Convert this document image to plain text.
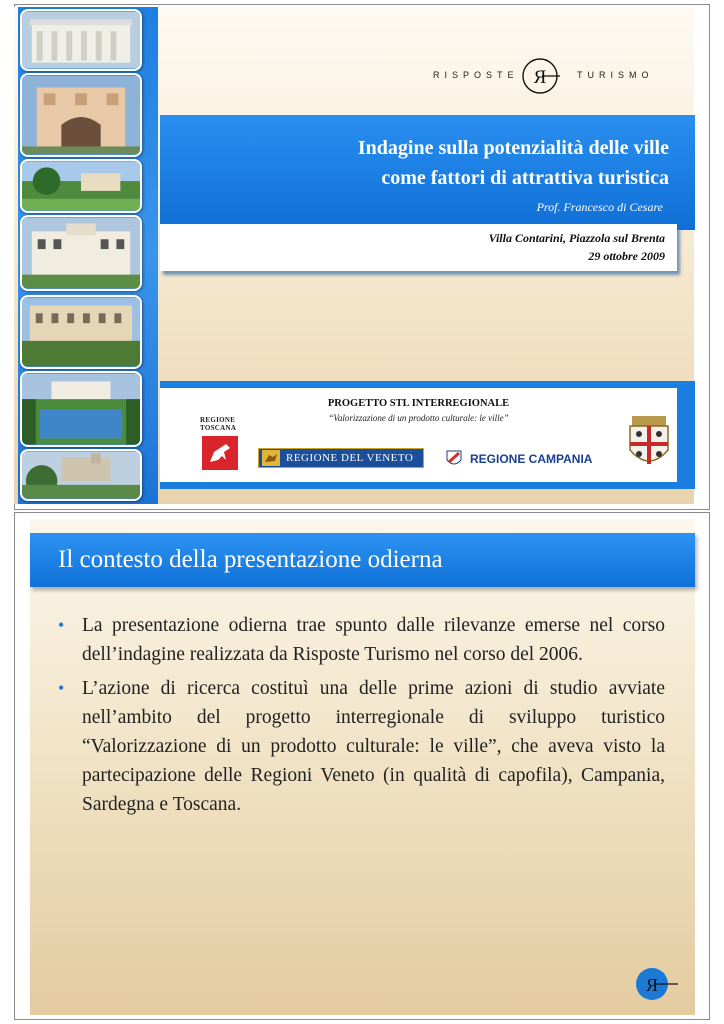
RISPOSTE Я	TURISMO
Indagine sulla potenzialità delle ville
come fattori di attrattiva turistica
Prof. Francesco di Cesare
Villa Contarini, Piazzola sul Brenta
29 ottobre 2009
PROGETTO STL INTERREGIONALE
“Valorizzazione di un prodotto culturale: le ville”
REGIONE
TOSCANA
REGIONE DEL VENETO	REGIONE CAMPANIA
Il contesto della presentazione odierna
• La presentazione odierna trae spunto dalle rilevanze emerse nel corso dell’indagine realizzata da Risposte Turismo nel corso del 2006.
• L’azione di ricerca costituì una delle prime azioni di studio avviate nell’ambito del progetto interregionale di sviluppo turistico “Valorizzazione di un prodotto culturale: le ville”, che aveva visto la partecipazione delle Regioni Veneto (in qualità di capofila), Campania, Sardegna e Toscana.
Я
